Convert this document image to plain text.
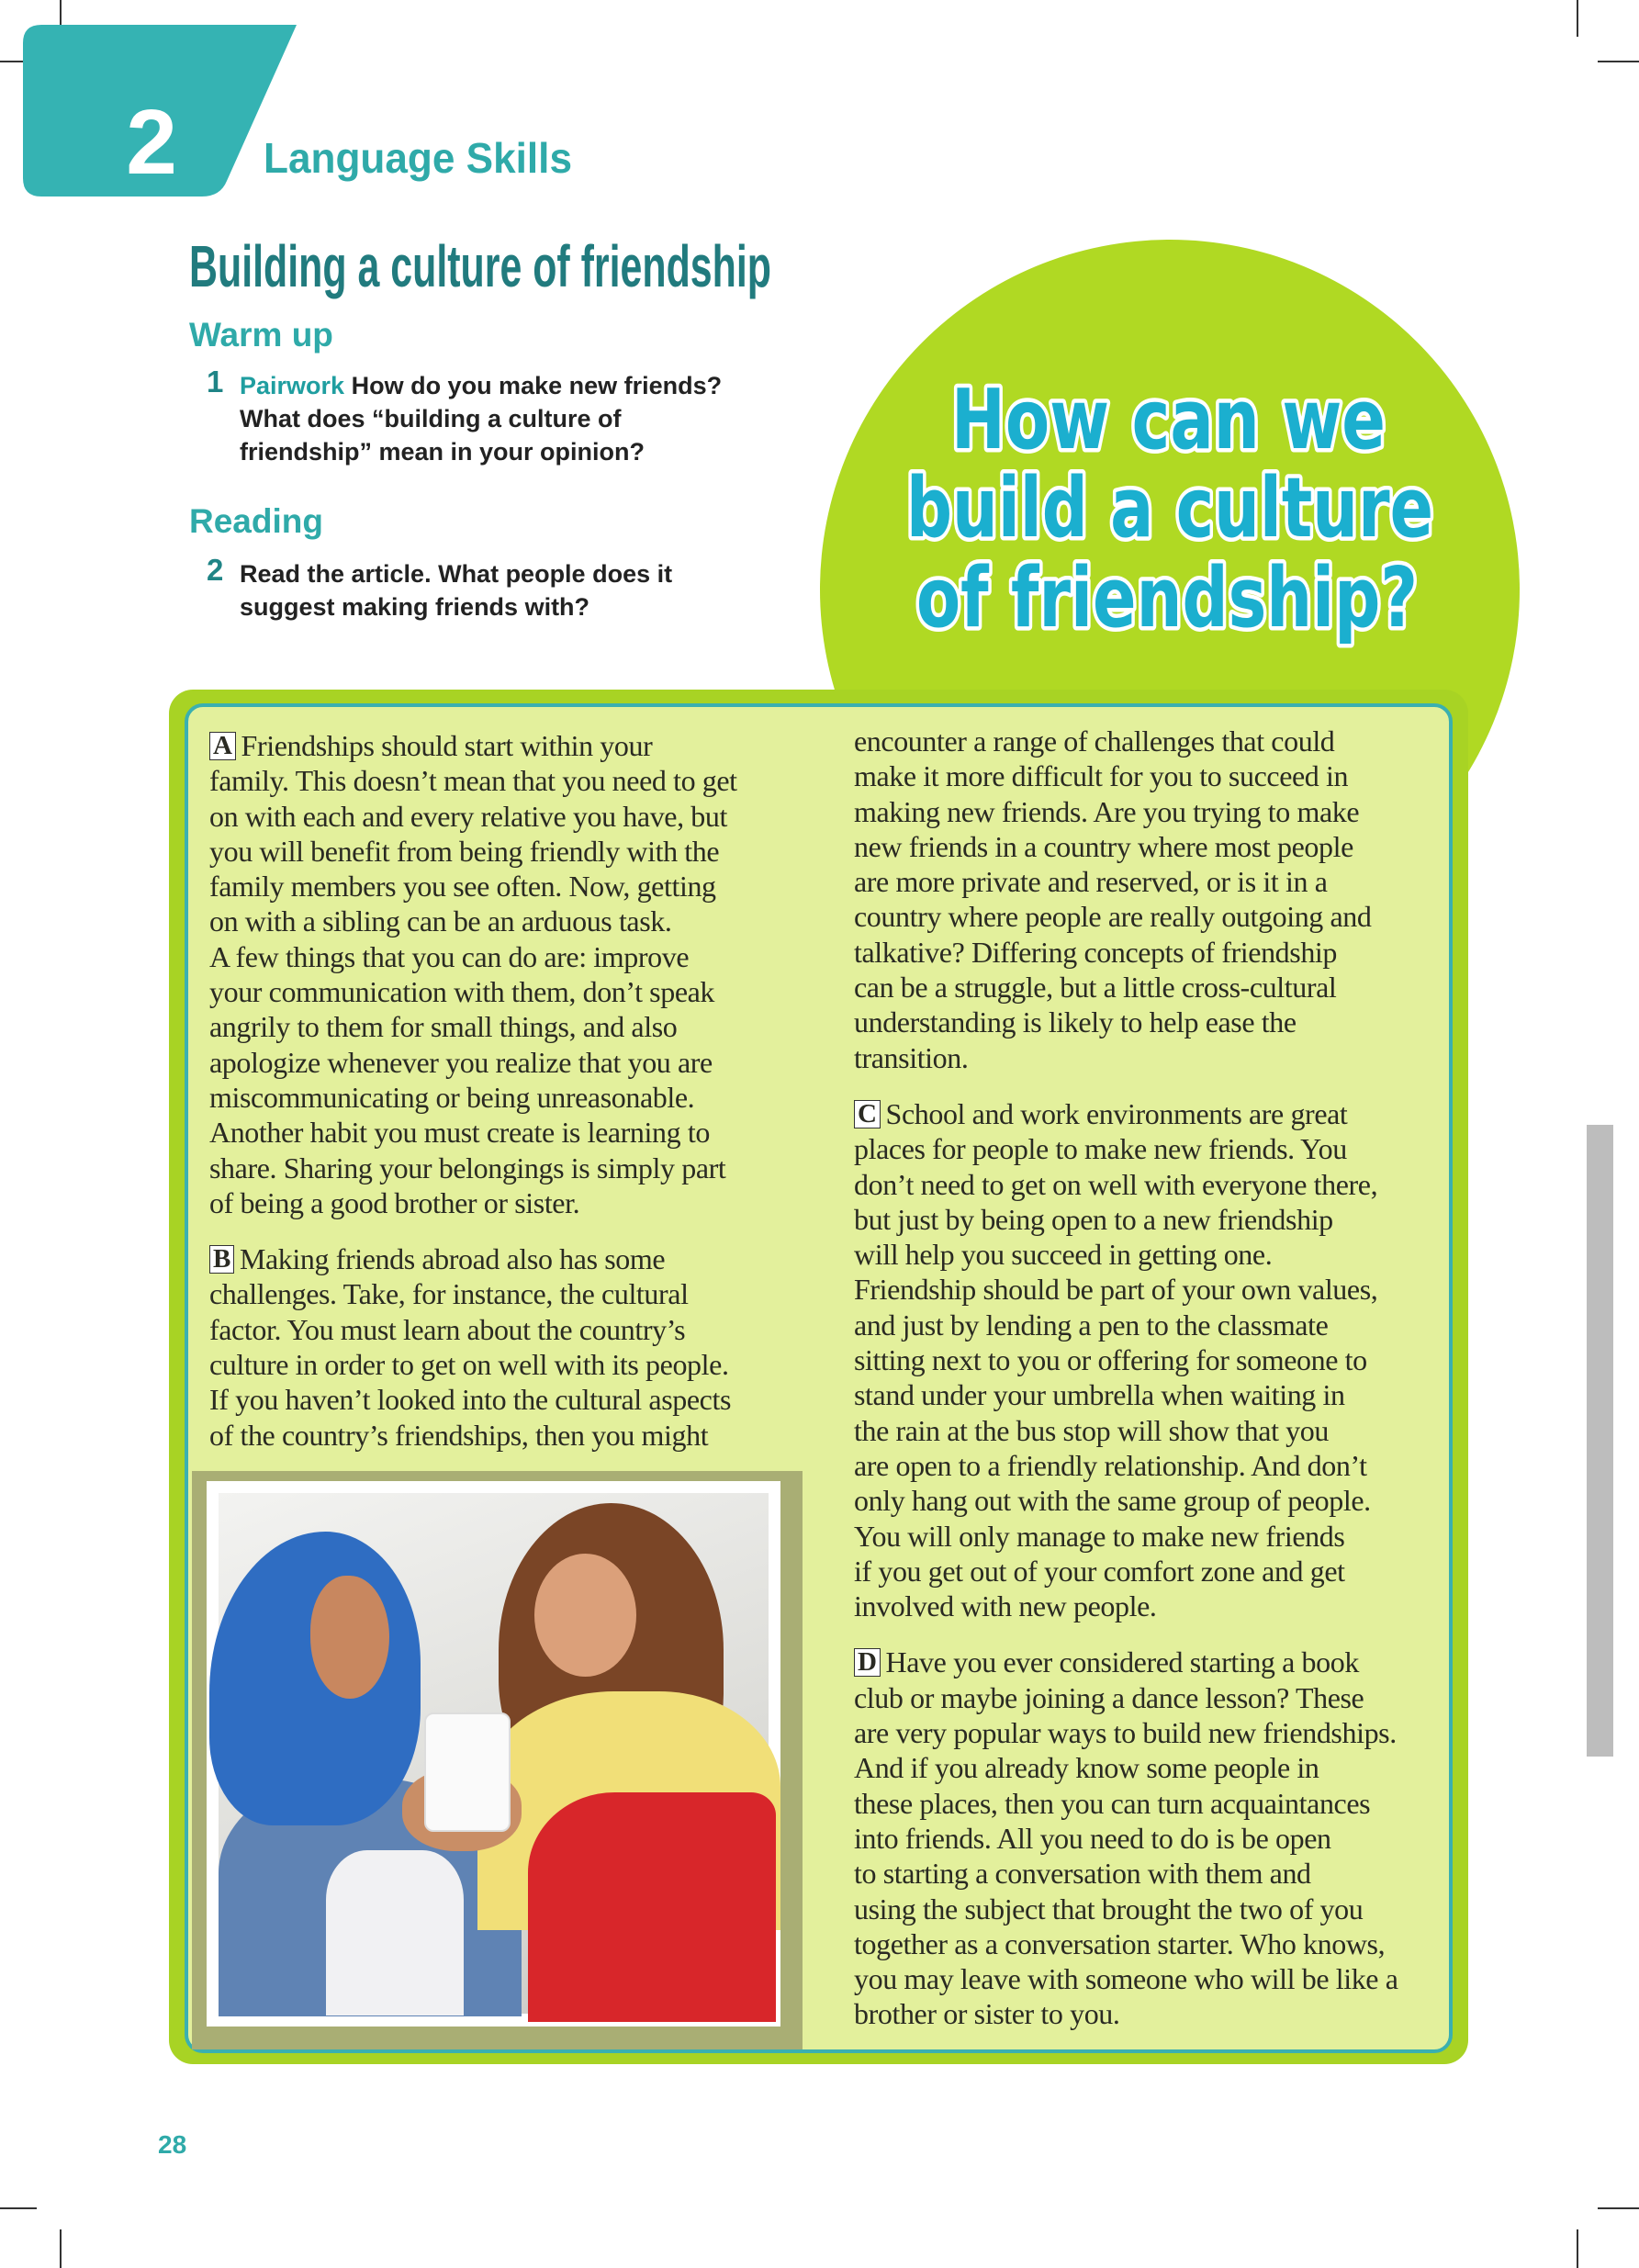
2 Language Skills
Building a culture of friendship
Warm up
1 Pairwork How do you make new friends?
What does “building a culture of
friendship” mean in your opinion?
Reading
2 Read the article. What people does it
suggest making friends with?
How can we
build a culture
of friendship?
A Friendships should start within your
family. This doesn’t mean that you need to get
on with each and every relative you have, but
you will benefit from being friendly with the
family members you see often. Now, getting
on with a sibling can be an arduous task.
A few things that you can do are: improve
your communication with them, don’t speak
angrily to them for small things, and also
apologize whenever you realize that you are
miscommunicating or being unreasonable.
Another habit you must create is learning to
share. Sharing your belongings is simply part
of being a good brother or sister.
B Making friends abroad also has some
challenges. Take, for instance, the cultural
factor. You must learn about the country’s
culture in order to get on well with its people.
If you haven’t looked into the cultural aspects
of the country’s friendships, then you might
encounter a range of challenges that could
make it more difficult for you to succeed in
making new friends. Are you trying to make
new friends in a country where most people
are more private and reserved, or is it in a
country where people are really outgoing and
talkative? Differing concepts of friendship
can be a struggle, but a little cross-cultural
understanding is likely to help ease the
transition.
C School and work environments are great
places for people to make new friends. You
don’t need to get on well with everyone there,
but just by being open to a new friendship
will help you succeed in getting one.
Friendship should be part of your own values,
and just by lending a pen to the classmate
sitting next to you or offering for someone to
stand under your umbrella when waiting in
the rain at the bus stop will show that you
are open to a friendly relationship. And don’t
only hang out with the same group of people.
You will only manage to make new friends
if you get out of your comfort zone and get
involved with new people.
D Have you ever considered starting a book
club or maybe joining a dance lesson? These
are very popular ways to build new friendships.
And if you already know some people in
these places, then you can turn acquaintances
into friends. All you need to do is be open
to starting a conversation with them and
using the subject that brought the two of you
together as a conversation starter. Who knows,
you may leave with someone who will be like a
brother or sister to you.
28
